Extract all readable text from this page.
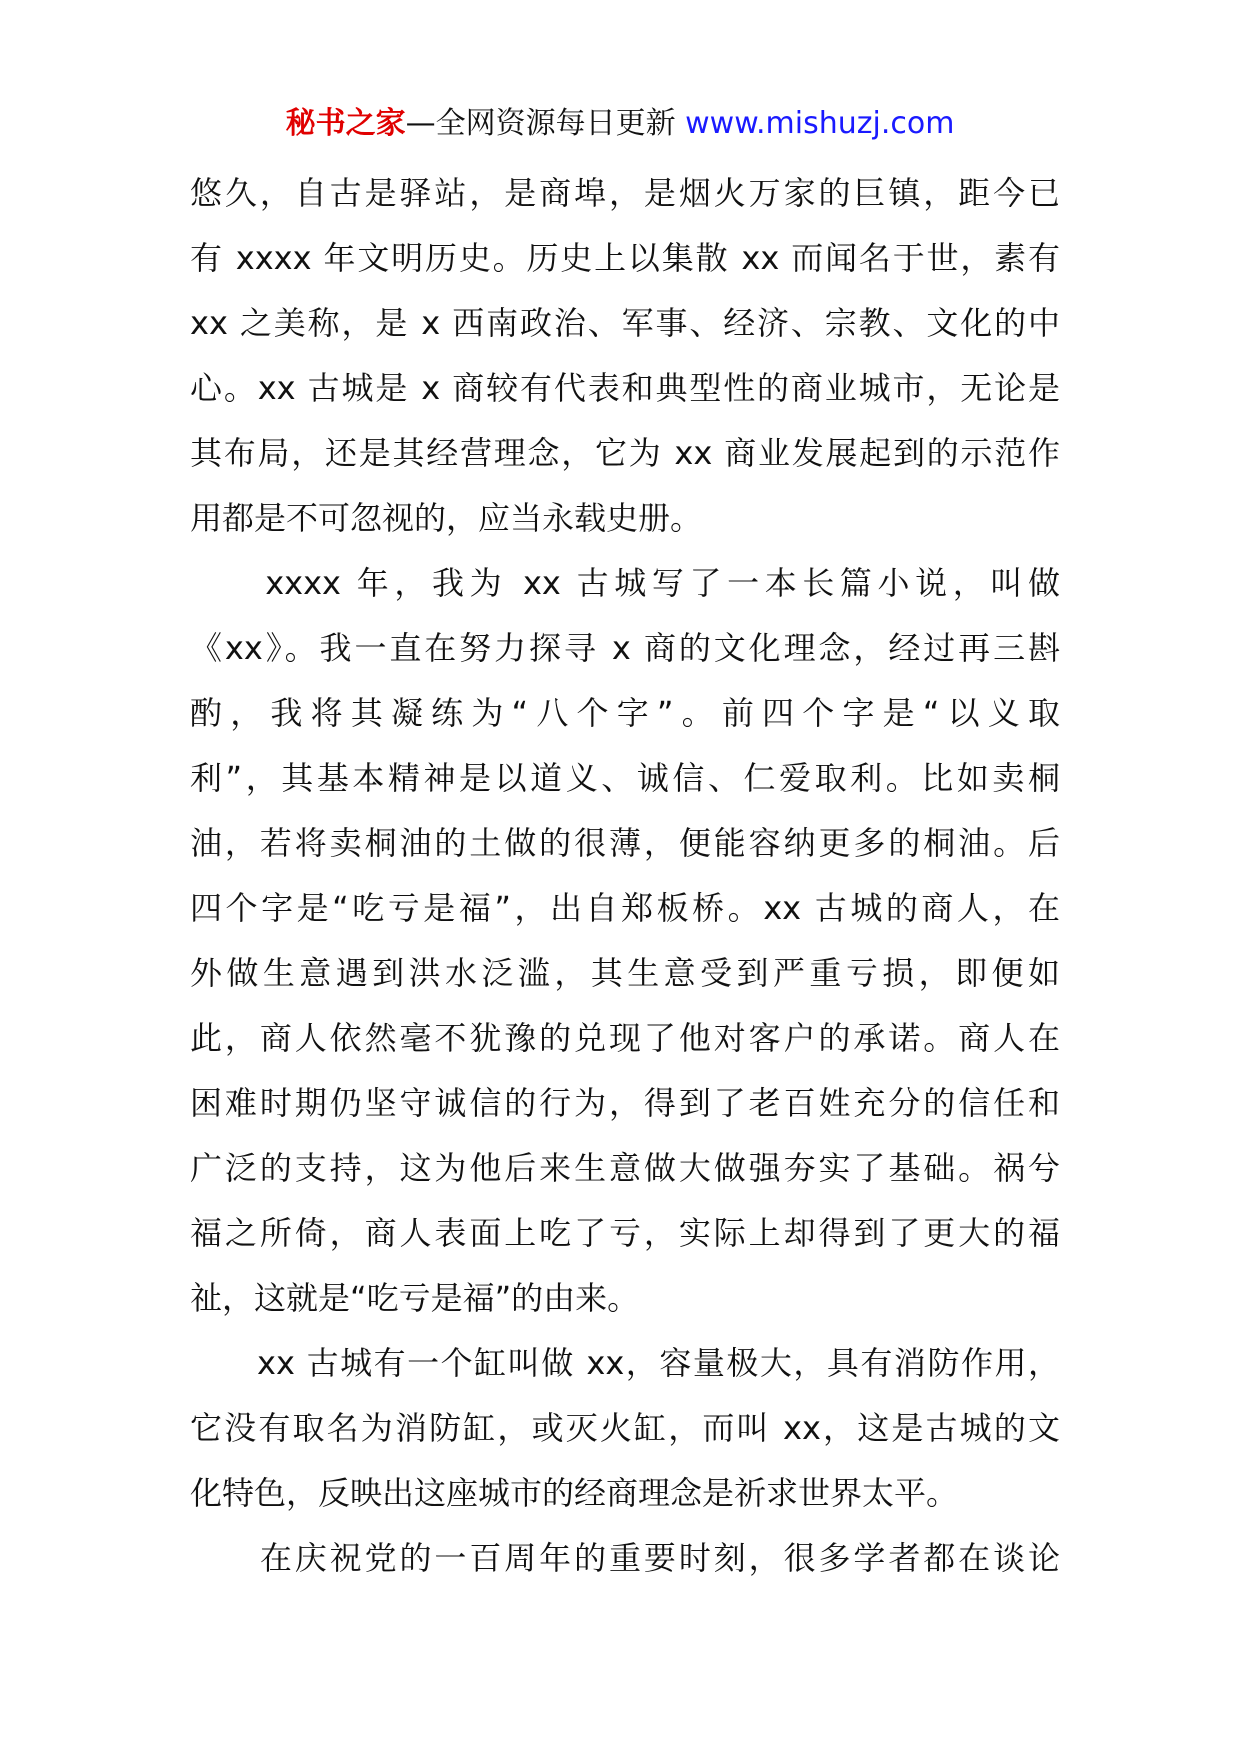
秘书之家—全网资源每日更新 www.mishuzj.com
悠久，自古是驿站，是商埠，是烟火万家的巨镇，距今已
有 xxxx 年文明历史。历史上以集散 xx 而闻名于世，素有
xx 之美称，是 x 西南政治、军事、经济、宗教、文化的中
心。xx 古城是 x 商较有代表和典型性的商业城市，无论是
其布局，还是其经营理念，它为 xx 商业发展起到的示范作
用都是不可忽视的，应当永载史册。
　　xxxx 年，我为 xx 古城写了一本长篇小说，叫做
《xx》。我一直在努力探寻 x 商的文化理念，经过再三斟
酌，我将其凝练为“八个字”。前四个字是“以义取
利”，其基本精神是以道义、诚信、仁爱取利。比如卖桐
油，若将卖桐油的土做的很薄，便能容纳更多的桐油。后
四个字是“吃亏是福”，出自郑板桥。xx 古城的商人，在
外做生意遇到洪水泛滥，其生意受到严重亏损，即便如
此，商人依然毫不犹豫的兑现了他对客户的承诺。商人在
困难时期仍坚守诚信的行为，得到了老百姓充分的信任和
广泛的支持，这为他后来生意做大做强夯实了基础。祸兮
福之所倚，商人表面上吃了亏，实际上却得到了更大的福
祉，这就是“吃亏是福”的由来。
　　xx 古城有一个缸叫做 xx，容量极大，具有消防作用，
它没有取名为消防缸，或灭火缸，而叫 xx，这是古城的文
化特色，反映出这座城市的经商理念是祈求世界太平。
　　在庆祝党的一百周年的重要时刻，很多学者都在谈论
